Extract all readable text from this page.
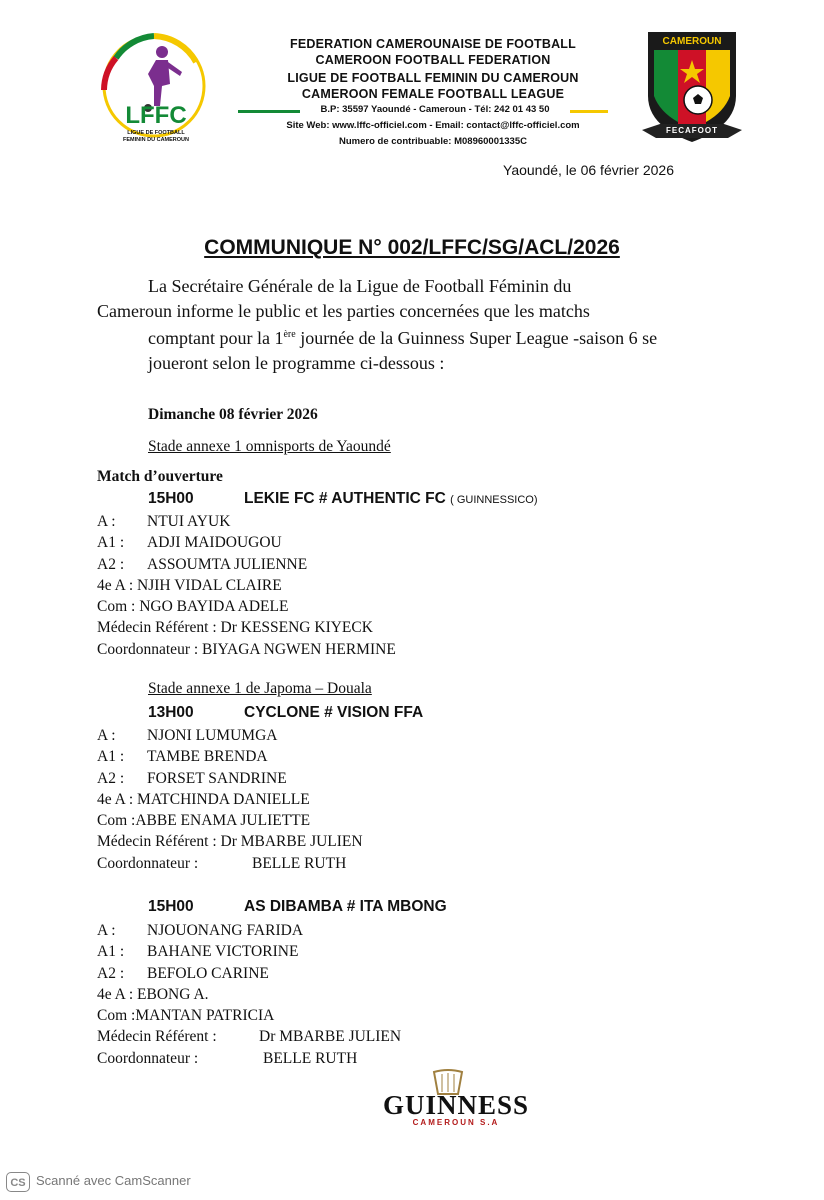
LFFC
LIGUE DE FOOTBALL
FEMININ DU CAMEROUN
FEDERATION CAMEROUNAISE DE FOOTBALL
CAMEROON FOOTBALL FEDERATION
LIGUE DE FOOTBALL FEMININ DU CAMEROUN
CAMEROON FEMALE FOOTBALL LEAGUE
B.P: 35597 Yaoundé - Cameroun - Tél: 242 01 43 50
Site Web: www.lffc-officiel.com - Email: contact@lffc-officiel.com
Numero de contribuable: M08960001335C
CAMEROUN
FECAFOOT
Yaoundé, le 06 février 2026
COMMUNIQUE N° 002/LFFC/SG/ACL/2026
La Secrétaire Générale de la Ligue de Football Féminin du
Cameroun informe le public et les parties concernées que les matchs
comptant pour la 1ère journée de la Guinness Super League -saison 6 se
joueront selon le programme ci-dessous :
Dimanche 08 février 2026
Stade annexe 1 omnisports de Yaoundé
Match d’ouverture
15H00	LEKIE FC # AUTHENTIC FC ( GUINNESSICO)
A : NTUI AYUK
A1 : ADJI MAIDOUGOU
A2 : ASSOUMTA JULIENNE
4e A : NJIH VIDAL CLAIRE
Com : NGO BAYIDA ADELE
Médecin Référent : Dr KESSENG KIYECK
Coordonnateur : BIYAGA NGWEN HERMINE
Stade annexe 1 de Japoma – Douala
13H00	CYCLONE # VISION FFA
A : NJONI LUMUMGA
A1 : TAMBE BRENDA
A2 : FORSET SANDRINE
4e A : MATCHINDA DANIELLE
Com :ABBE ENAMA JULIETTE
Médecin Référent : Dr MBARBE JULIEN
Coordonnateur :	BELLE RUTH
15H00	AS DIBAMBA # ITA MBONG
A : NJOUONANG FARIDA
A1 : BAHANE VICTORINE
A2 : BEFOLO CARINE
4e A : EBONG A.
Com :MANTAN PATRICIA
Médecin Référent :	Dr MBARBE JULIEN
Coordonnateur :	BELLE RUTH
GUINNESS
CAMEROUN S.A
CS Scanné avec CamScanner
